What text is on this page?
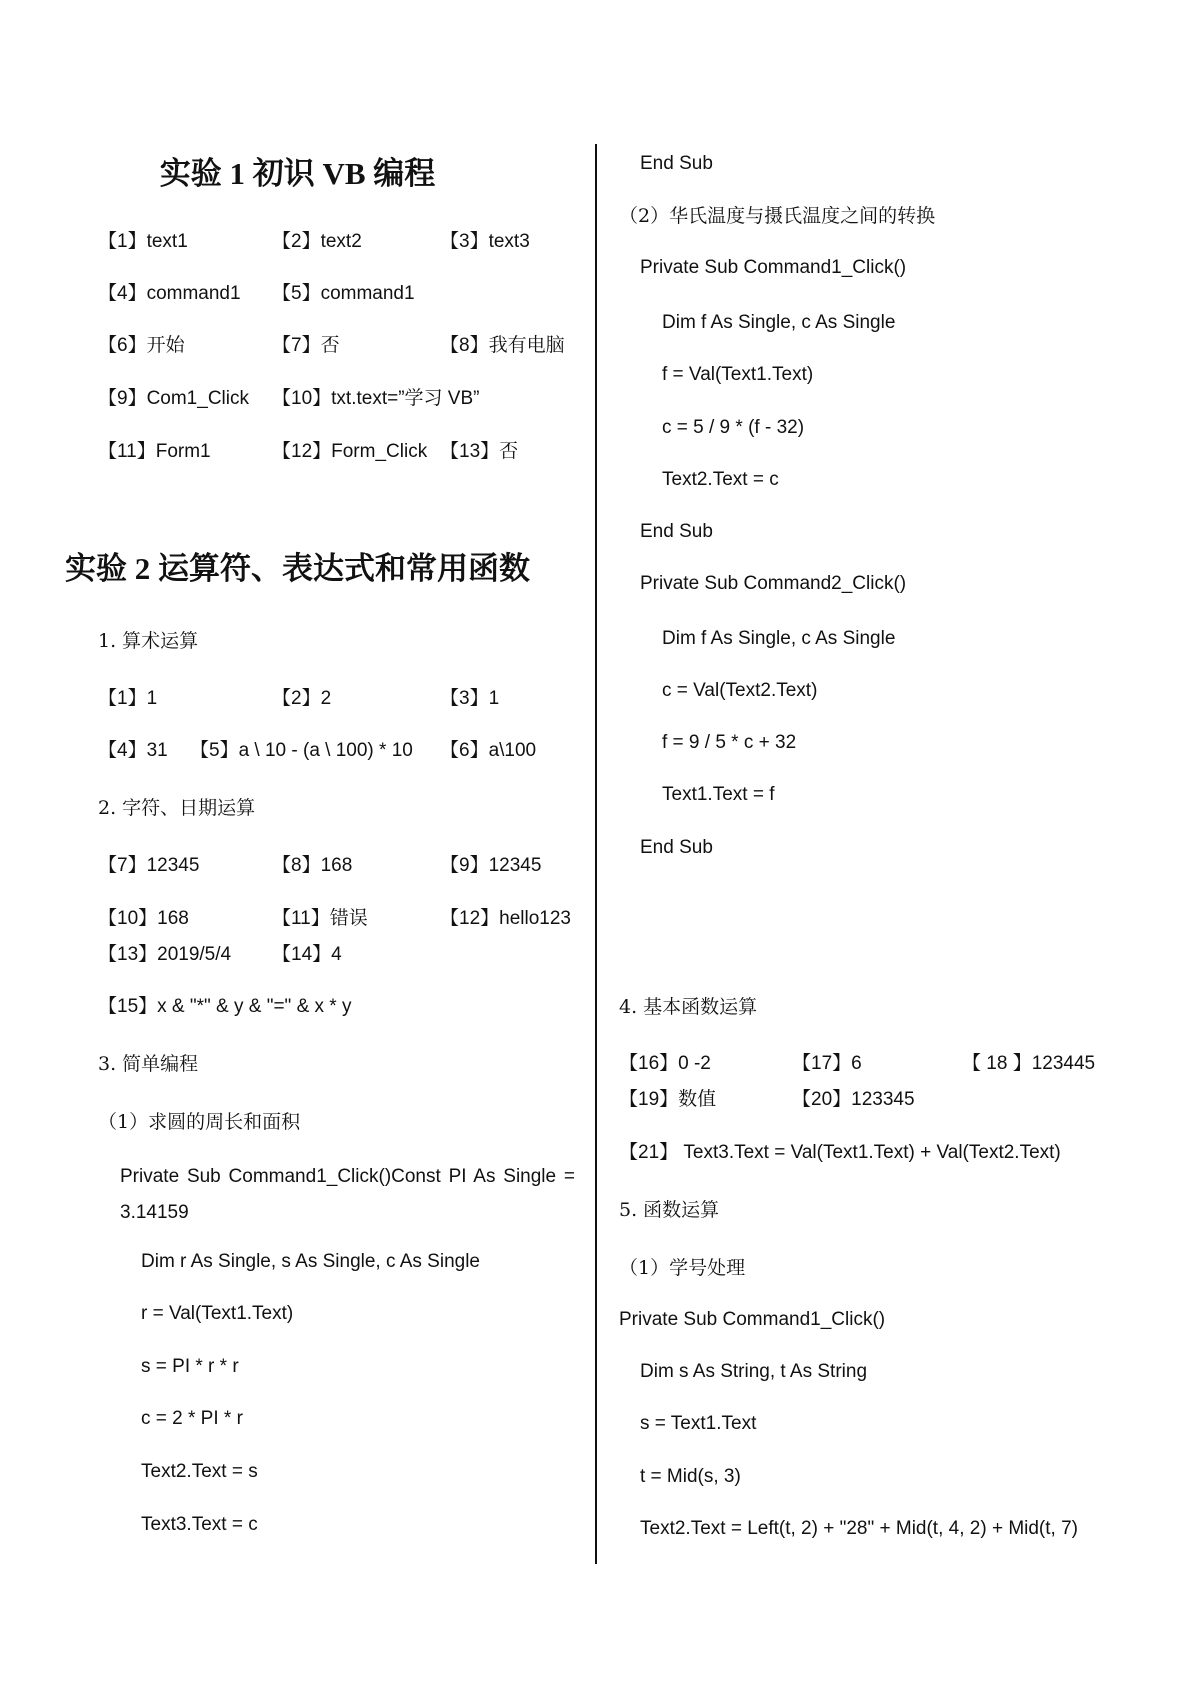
实验 1 初识 VB 编程
【1】text1	【2】text2	【3】text3
【4】command1 【5】command1
【6】开始	【7】否	【8】我有电脑
【9】Com1_Click 【10】txt.text=”学习 VB”
【11】Form1	【12】Form_Click 【13】否
实验 2 运算符、表达式和常用函数
1. 算术运算
【1】1	【2】2	【3】1
【4】31 【5】a \ 10 - (a \ 100) * 10 【6】a\100
2. 字符、日期运算
【7】12345	【8】168	【9】12345
【10】168	【11】错误	【12】hello123
【13】2019/5/4 【14】4
【15】x & "*" & y & "=" & x * y
3. 简单编程
（1）求圆的周长和面积
Private Sub Command1_Click()Const PI As Single = 3.14159
Dim r As Single, s As Single, c As Single
r = Val(Text1.Text)
s = PI * r * r
c = 2 * PI * r
Text2.Text = s
Text3.Text = c
End Sub
（2）华氏温度与摄氏温度之间的转换
Private Sub Command1_Click()
Dim f As Single, c As Single
f = Val(Text1.Text)
c = 5 / 9 * (f - 32)
Text2.Text = c
End Sub
Private Sub Command2_Click()
Dim f As Single, c As Single
c = Val(Text2.Text)
f = 9 / 5 * c + 32
Text1.Text = f
End Sub
4. 基本函数运算
【16】0 -2	【17】6	【 18 】123445
【19】数值	【20】123345
【21】 Text3.Text = Val(Text1.Text) + Val(Text2.Text)
5. 函数运算
（1）学号处理
Private Sub Command1_Click()
Dim s As String, t As String
s = Text1.Text
t = Mid(s, 3)
Text2.Text = Left(t, 2) + "28" + Mid(t, 4, 2) + Mid(t, 7)
